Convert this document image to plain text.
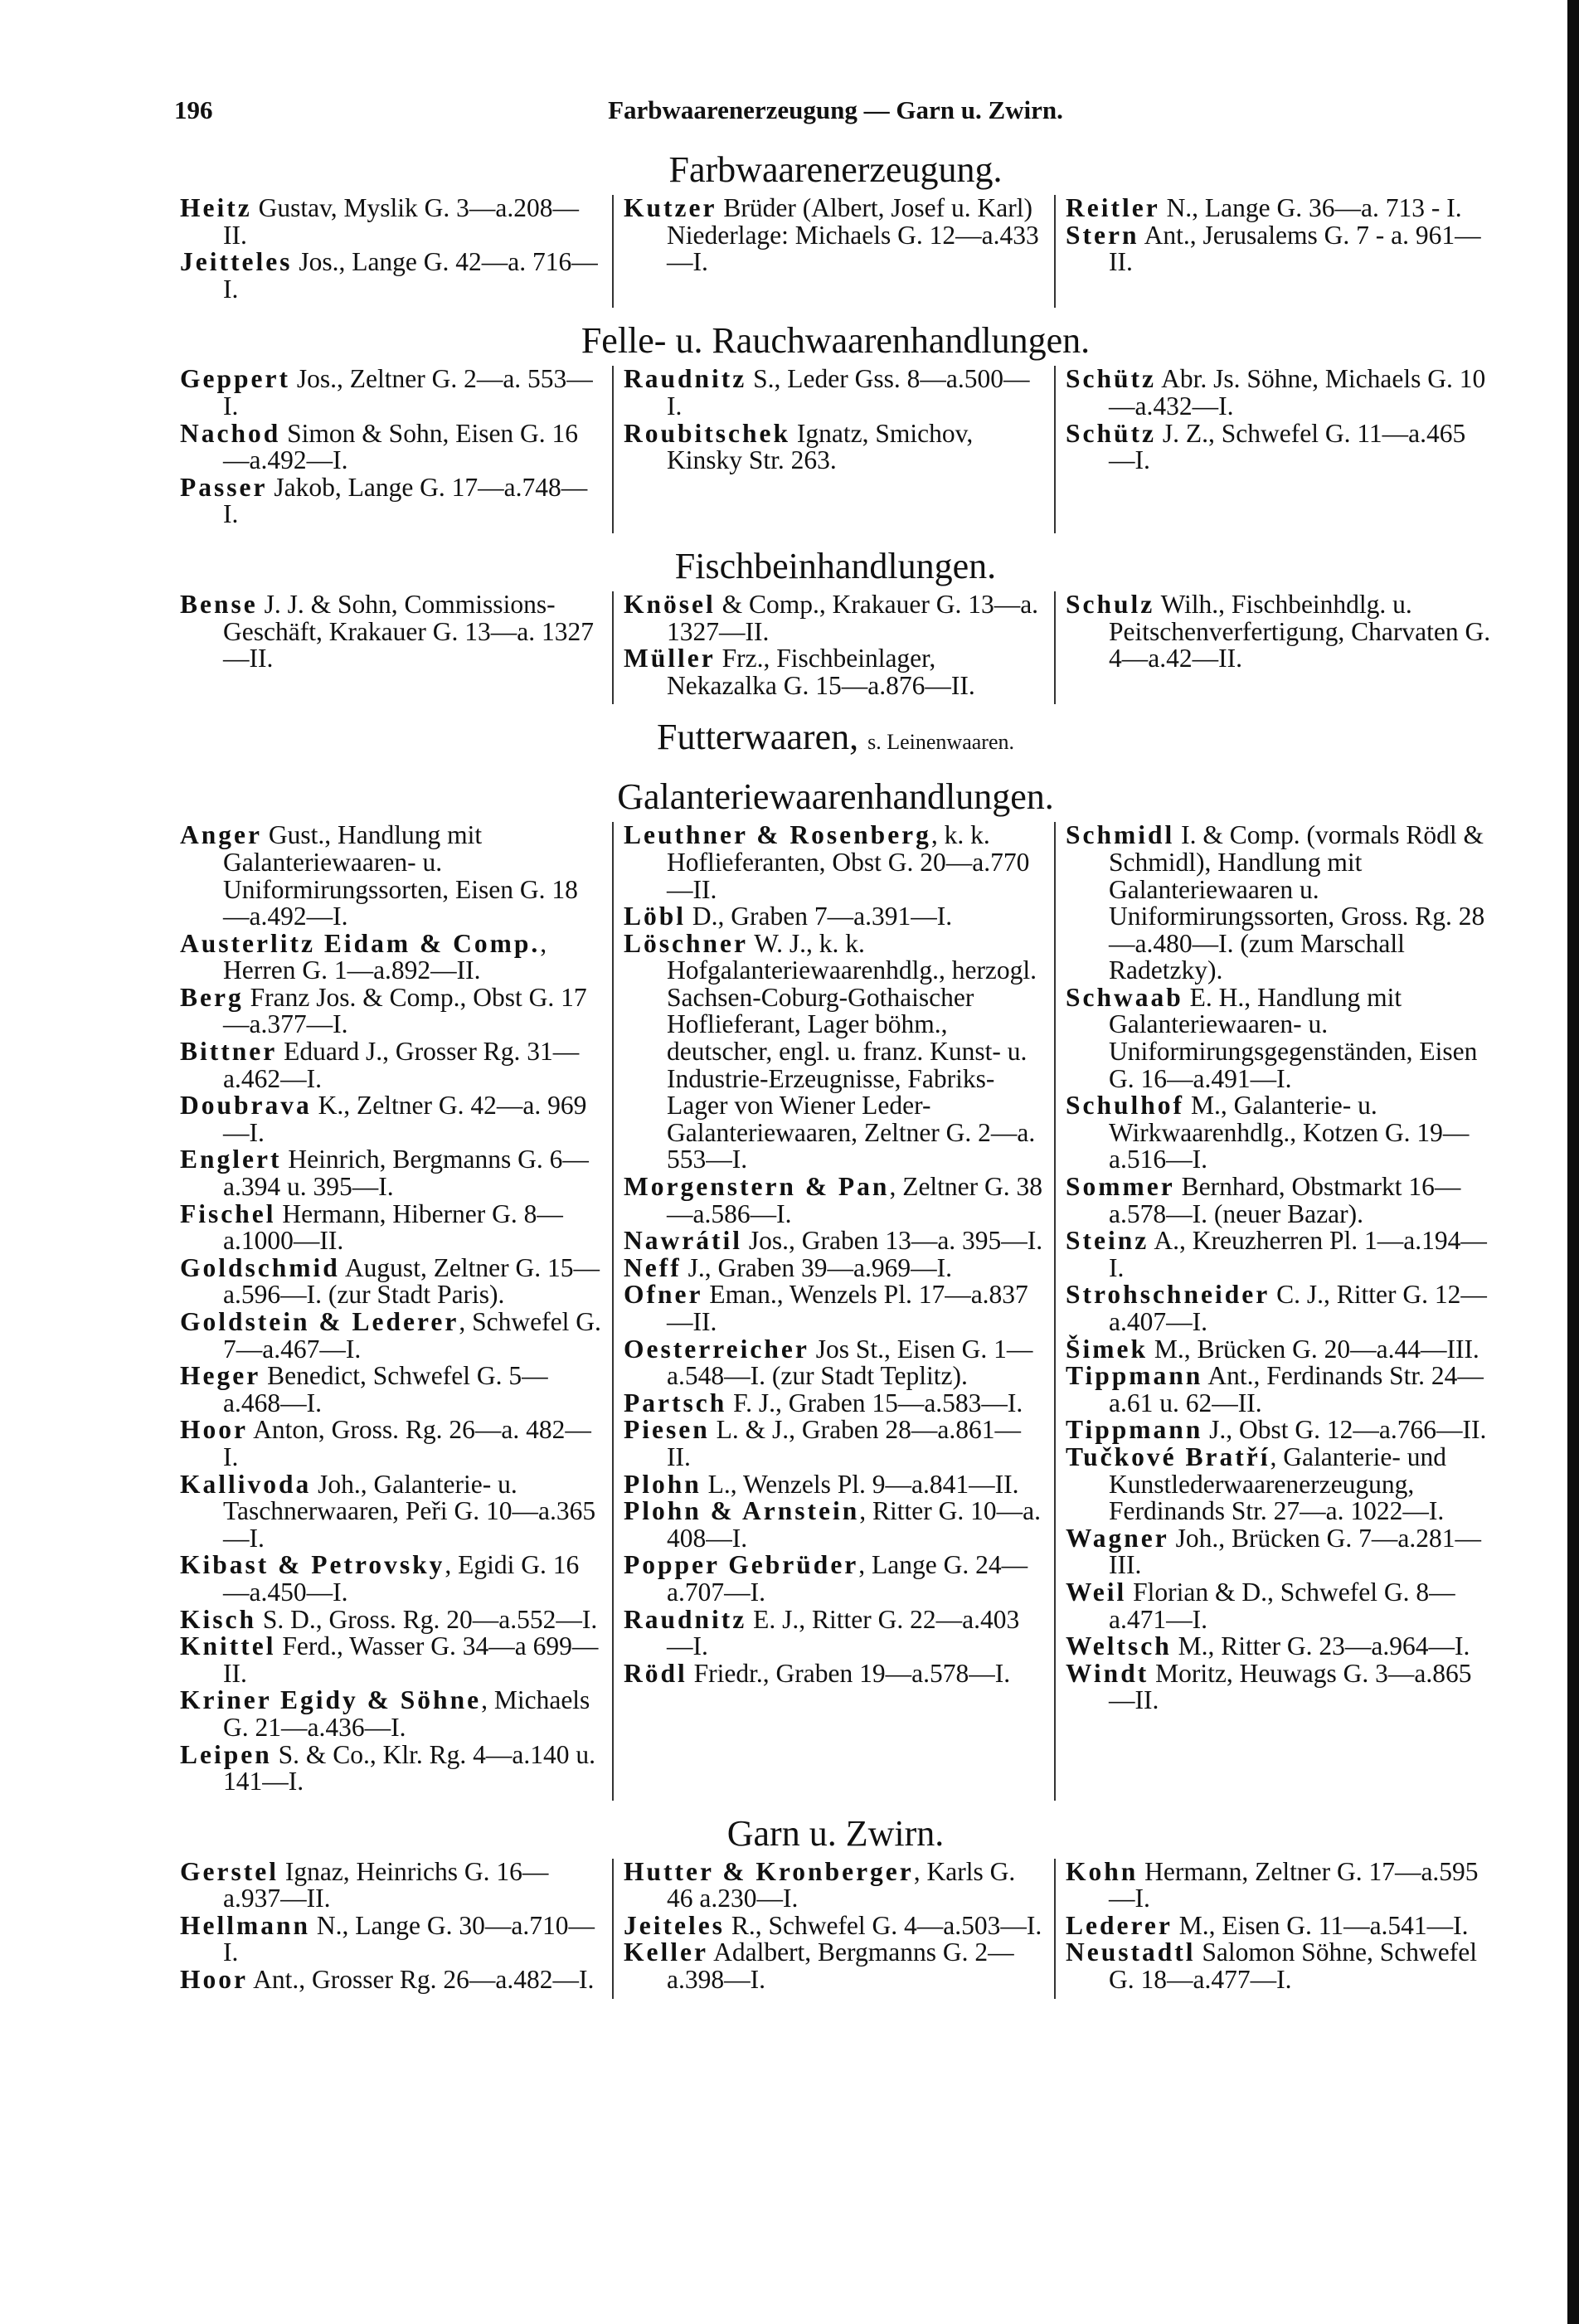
196	Farbwaarenerzeugung — Garn u. Zwirn.
Farbwaarenerzeugung.

Heitz Gustav, Myslik G. 3—a.208—II.

Jeitteles Jos., Lange G. 42—a. 716—I.

Kutzer Brüder (Albert, Josef u. Karl) Niederlage: Michaels G. 12—a.433—I.

Reitler N., Lange G. 36—a. 713 - I.

Stern Ant., Jerusalems G. 7 - a. 961—II.

Felle- u. Rauchwaarenhandlungen.

Geppert Jos., Zeltner G. 2—a. 553—I.

Nachod Simon & Sohn, Eisen G. 16—a.492—I.

Passer Jakob, Lange G. 17—a.748—I.

Raudnitz S., Leder Gss. 8—a.500—I.

Roubitschek Ignatz, Smichov, Kinsky Str. 263.

Schütz Abr. Js. Söhne, Michaels G. 10—a.432—I.

Schütz J. Z., Schwefel G. 11—a.465—I.

Fischbeinhandlungen.

Bense J. J. & Sohn, Commissions-Geschäft, Krakauer G. 13—a. 1327—II.

Knösel & Comp., Krakauer G. 13—a. 1327—II.

Müller Frz., Fischbeinlager, Nekazalka G. 15—a.876—II.

Schulz Wilh., Fischbeinhdlg. u. Peitschenverfertigung, Charvaten G. 4—a.42—II.

Futterwaaren, s. Leinenwaaren.
Galanteriewaarenhandlungen.

Anger Gust., Handlung mit Galanteriewaaren- u. Uniformirungssorten, Eisen G. 18—a.492—I.

Austerlitz Eidam & Comp., Herren G. 1—a.892—II.

Berg Franz Jos. & Comp., Obst G. 17—a.377—I.

Bittner Eduard J., Grosser Rg. 31—a.462—I.

Doubrava K., Zeltner G. 42—a. 969—I.

Englert Heinrich, Bergmanns G. 6—a.394 u. 395—I.

Fischel Hermann, Hiberner G. 8—a.1000—II.

Goldschmid August, Zeltner G. 15—a.596—I. (zur Stadt Paris).

Goldstein & Lederer, Schwefel G. 7—a.467—I.

Heger Benedict, Schwefel G. 5—a.468—I.

Hoor Anton, Gross. Rg. 26—a. 482—I.

Kallivoda Joh., Galanterie- u. Taschnerwaaren, Peři G. 10—a.365—I.

Kibast & Petrovsky, Egidi G. 16—a.450—I.

Kisch S. D., Gross. Rg. 20—a.552—I.

Knittel Ferd., Wasser G. 34—a 699—II.

Kriner Egidy & Söhne, Michaels G. 21—a.436—I.

Leipen S. & Co., Klr. Rg. 4—a.140 u. 141—I.

Leuthner & Rosenberg, k. k. Hoflieferanten, Obst G. 20—a.770—II.

Löbl D., Graben 7—a.391—I.

Löschner W. J., k. k. Hofgalanteriewaarenhdlg., herzogl. Sachsen-Coburg-Gothaischer Hoflieferant, Lager böhm., deutscher, engl. u. franz. Kunst- u. Industrie-Erzeugnisse, Fabriks-Lager von Wiener Leder-Galanteriewaaren, Zeltner G. 2—a. 553—I.

Morgenstern & Pan, Zeltner G. 38—a.586—I.

Nawrátil Jos., Graben 13—a. 395—I.

Neff J., Graben 39—a.969—I.

Ofner Eman., Wenzels Pl. 17—a.837—II.

Oesterreicher Jos St., Eisen G. 1—a.548—I. (zur Stadt Teplitz).

Partsch F. J., Graben 15—a.583—I.

Piesen L. & J., Graben 28—a.861—II.

Plohn L., Wenzels Pl. 9—a.841—II.

Plohn & Arnstein, Ritter G. 10—a. 408—I.

Popper Gebrüder, Lange G. 24—a.707—I.

Raudnitz E. J., Ritter G. 22—a.403—I.

Rödl Friedr., Graben 19—a.578—I.

Schmidl I. & Comp. (vormals Rödl & Schmidl), Handlung mit Galanteriewaaren u. Uniformirungssorten, Gross. Rg. 28—a.480—I. (zum Marschall Radetzky).

Schwaab E. H., Handlung mit Galanteriewaaren- u. Uniformirungsgegenständen, Eisen G. 16—a.491—I.

Schulhof M., Galanterie- u. Wirkwaarenhdlg., Kotzen G. 19—a.516—I.

Sommer Bernhard, Obstmarkt 16—a.578—I. (neuer Bazar).

Steinz A., Kreuzherren Pl. 1—a.194—I.

Strohschneider C. J., Ritter G. 12—a.407—I.

Šimek M., Brücken G. 20—a.44—III.

Tippmann Ant., Ferdinands Str. 24—a.61 u. 62—II.

Tippmann J., Obst G. 12—a.766—II.

Tučkové Bratří, Galanterie- und Kunstlederwaarenerzeugung, Ferdinands Str. 27—a. 1022—I.

Wagner Joh., Brücken G. 7—a.281—III.

Weil Florian & D., Schwefel G. 8—a.471—I.

Weltsch M., Ritter G. 23—a.964—I.

Windt Moritz, Heuwags G. 3—a.865—II.

Garn u. Zwirn.

Gerstel Ignaz, Heinrichs G. 16—a.937—II.

Hellmann N., Lange G. 30—a.710—I.

Hoor Ant., Grosser Rg. 26—a.482—I.

Hutter & Kronberger, Karls G. 46 a.230—I.

Jeiteles R., Schwefel G. 4—a.503—I.

Keller Adalbert, Bergmanns G. 2—a.398—I.

Kohn Hermann, Zeltner G. 17—a.595—I.

Lederer M., Eisen G. 11—a.541—I.

Neustadtl Salomon Söhne, Schwefel G. 18—a.477—I.
